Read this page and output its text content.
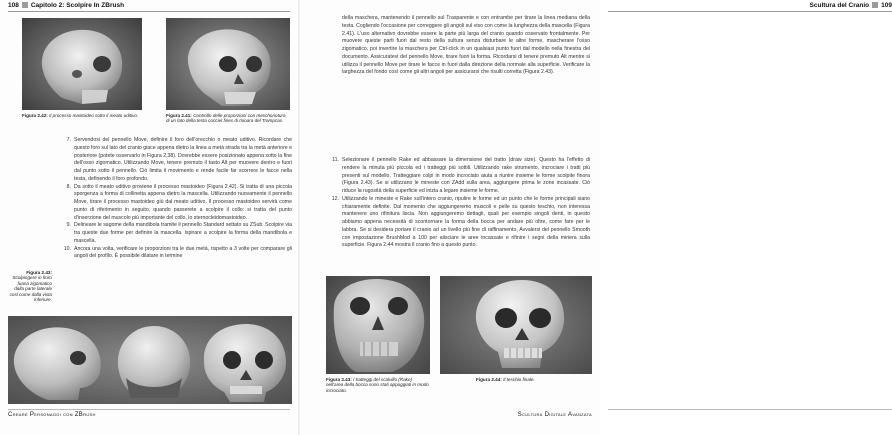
108 Capitolo 2: Scolpire In ZBrush
Figura 2.42: Il processo mastoideo sotto il meato uditivo.	Figura 2.41: Controllo delle proporzioni con meschoriotura di un lato della testa cocciel fines di mioara del Trampcas.
7. Servendosi del pennello Move, definire il foro dell'orecchio o meato uditivo. Ricordare che questo foro sul lato del cranio giace appena dietro la linea a metà strada tra la metà anteriore e posteriore (potete osservarlo in Figura 2.38). Dovrebbe essere posizionato appena sotto la fine dell'osso zigomatico. Utilizzando Move, tenere premuto il tasto Alt per muovere dentro e fuori dal punto sotto il pennello. Ciò limita il movimento e rende facile far scorrere le facce nella testa, definendo il foro profondo.
8. Da sotto il meato uditivo proviene il processo mastoideo (Figura 2.42). Si tratta di una piccola sporgenza a forma di collinetta appena dietro la mascella. Utilizzando nuovamente il pennello Move, tirare il processo mastoideo giù dal meato uditivo. Il processo mastoideo servirà come punto di riferimento in seguito, quando passerete a scolpire il collo: si tratta del punto d'inserzione del muscolo più importante del collo, lo sternocleidomastoideo.
9. Delineare le sagome della mandibola tramite il pennello Standard settato su ZSub. Scolpire via tra queste due forme per definire la mascella. Ispirare a scolpire la forma della mandibola e mascella.
10. Ancora una volta, verificare le proporzioni tra le due metà, rispetto a 3 volte per comparare gli angoli del profilo. È possibile dilatare in termine
Figura 2.43: Scolpingere in finici fuasa zigomatico dalla parte laterale cosl come dalla vista inferiure.
Creare Personaggi con ZBrush
Scultura del Cranio 109
della maschera, mantenendo il pennello sul Trasparente e con entrambe per tirare la linea mediana della testa. Cogliendo l'occasione per correggere gli angoli sul viso con come la lunghezza della mascella (Figura 2.41). L'uso alternativo dovrebbe essere la parte più larga del cranio quando osservato frontalmente. Per muovere queste parti fuori dal resto della sultura senza disturbare le altre forme, mascherare l'osso zigomatico, poi invertire la maschera per Ctrl-click in un qualsiasi punto fuori dal modello nella finestra del documento. Assicuratevi del pennello Move, tirare fuori la forma. Ricordarsi di tenere premuto Alt mentre si utilizza il pennello Move per tirare le facce in fuori dalla direzione della normale alla superficie. Verificare la larghezza del fondo così come gli altri angoli per assicurarsi che risulti corretta (Figura 2.43).
11. Selezionare il pennello Rake ed abbassare la dimensione del tratto (draw size). Questo ha l'effetto di rendere la minuta più piccola ed i tratteggi più sottili. Utilizzando rake strumento, incrociare i tratti più presenti sul modello. Tratteggiare colpi in modo incrociato aiuta a riunire insieme le forme scolpite finora (Figura 2.43). Se si utilizzano le mineste con ZAdd sulla area, aggiungere prima le zone incassate. Ciò riduce la rugosità della superficie ed inizia a legare insieme le forme.
12. Utilizzando le mineste e Rake sull'intero cranio, ripulire le forme ed un punto che le forme principali siano chiaramente definite. Dal momento che aggiungeremo muscoli e pelle su questo teschio, non interessa mantenere uno rifinitura liscia. Non aggiungeremo dettagli, quali per esempio singoli denti, in questo abbiamo appena necessità di scontornare la forma della bocca per andare più oltre, come fare per le labbra. Se si desidera portare il cranio ad un livello più fine di raffinamento, Avvalersi del pennello Smooth con impostazione BrushMod a 100 per ailsciare le aree incassate e rifinire i segni della miriera sulla superficie. Figura 2.44 mostra il cranio fino a questo punto.
Figura 2.43: I tratteggi del scalvillo (Rake) nell'area della bocca sono stati appoggiati in modo incrociato.
Figura 2.44: Il teschio finale.
Scultura Digitale Avanzata
